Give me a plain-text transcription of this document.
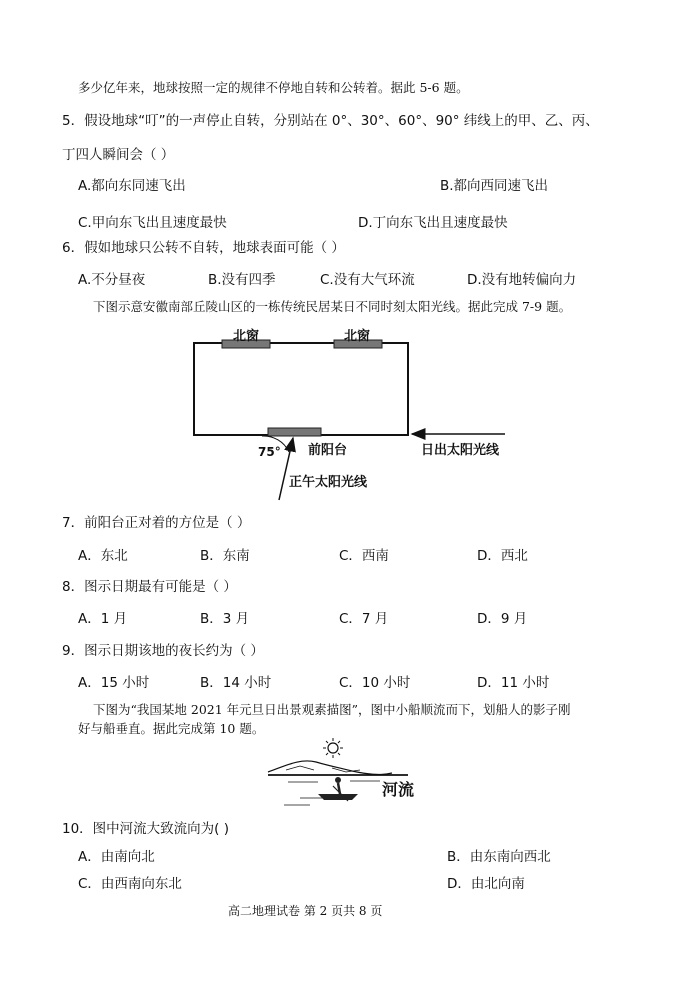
多少亿年来，地球按照一定的规律不停地自转和公转着。据此 5-6 题。
5．假设地球“叮”的一声停止自转，分别站在 0°、30°、60°、90° 纬线上的甲、乙、丙、
丁四人瞬间会（ ）
A.都向东同速飞出	B.都向西同速飞出
C.甲向东飞出且速度最快	D.丁向东飞出且速度最快
6．假如地球只公转不自转，地球表面可能（ ）
A.不分昼夜	B.没有四季	C.没有大气环流	D.没有地转偏向力
下图示意安徽南部丘陵山区的一栋传统民居某日不同时刻太阳光线。据此完成 7-9 题。
北窗	北窗
75° 前阳台	日出太阳光线
正午太阳光线
7．前阳台正对着的方位是（ ）
A．东北	B．东南	C．西南	D．西北
8．图示日期最有可能是（ ）
A．1 月	B．3 月	C．7 月	D．9 月
9．图示日期该地的夜长约为（ ）
A．15 小时	B．14 小时	C．10 小时	D．11 小时
下图为“我国某地 2021 年元旦日出景观素描图”，图中小船顺流而下，划船人的影子刚
好与船垂直。据此完成第 10 题。
河流
10．图中河流大致流向为( )
A．由南向北	B．由东南向西北
C．由西南向东北	D．由北向南
高二地理试卷 第 2 页共 8 页
